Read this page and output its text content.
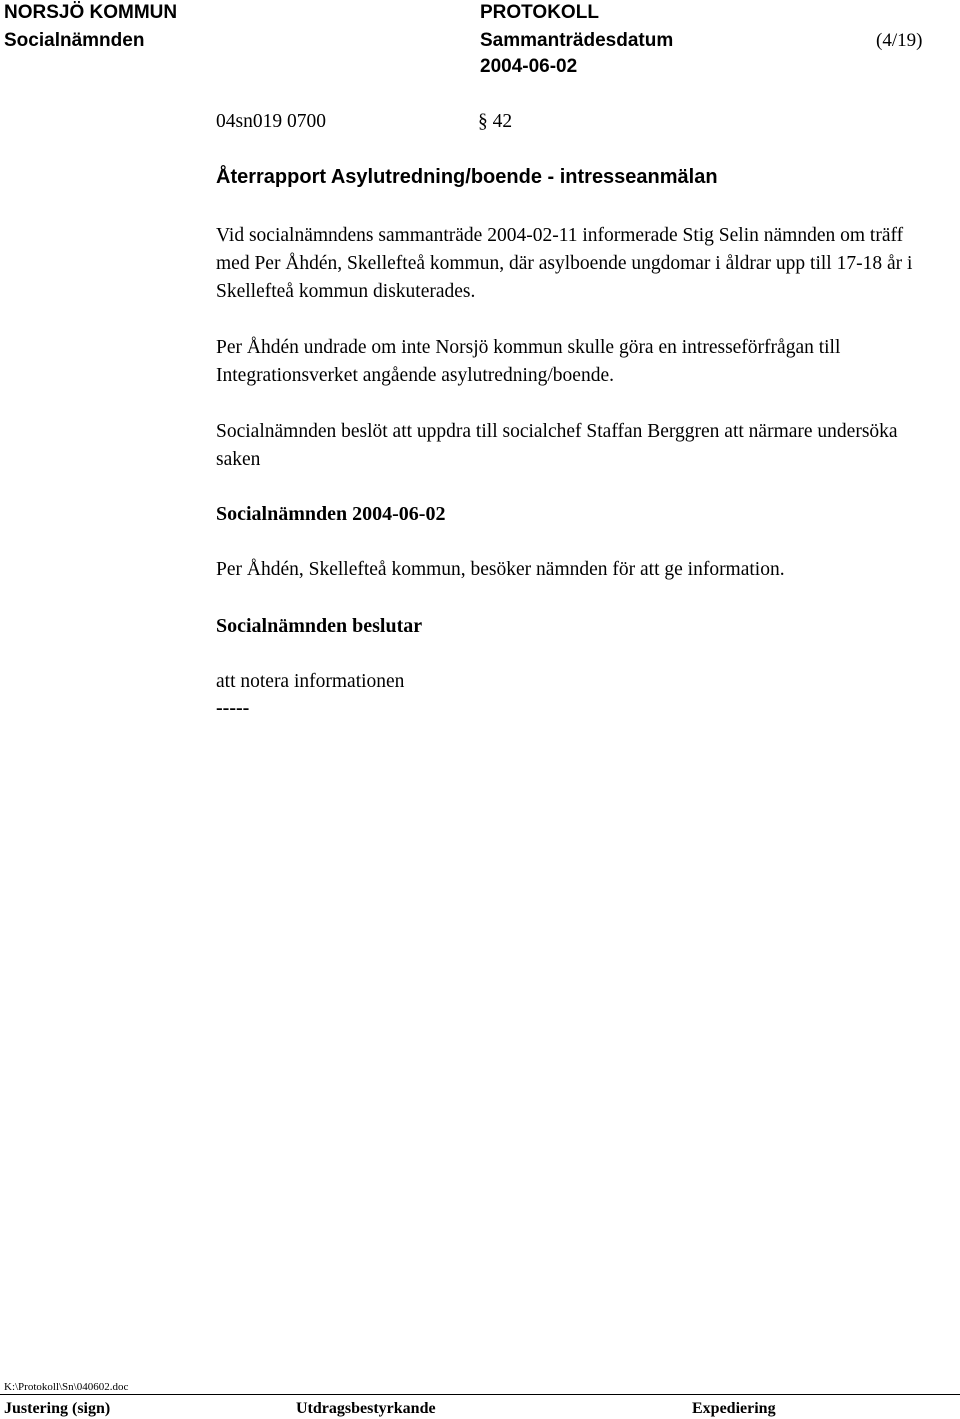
NORSJÖ KOMMUN
Socialnämnden
PROTOKOLL
Sammanträdesdatum
2004-06-02
(4/19)
04sn019 0700	§ 42
Återrapport Asylutredning/boende - intresseanmälan

Vid socialnämndens sammanträde 2004-02-11 informerade Stig Selin nämnden om träff med Per Åhdén, Skellefteå kommun, där asylboende ungdomar i åldrar upp till 17-18 år i Skellefteå kommun diskuterades.

Per Åhdén undrade om inte Norsjö kommun skulle göra en intresseförfrågan till Integrationsverket angående asylutredning/boende.

Socialnämnden beslöt att uppdra till socialchef Staffan Berggren att närmare undersöka saken

Socialnämnden 2004-06-02
Per Åhdén, Skellefteå kommun, besöker nämnden för att ge information.
Socialnämnden beslutar
att notera informationen
-----
K:\Protokoll\Sn\040602.doc
Justering (sign)	Utdragsbestyrkande	Expediering
